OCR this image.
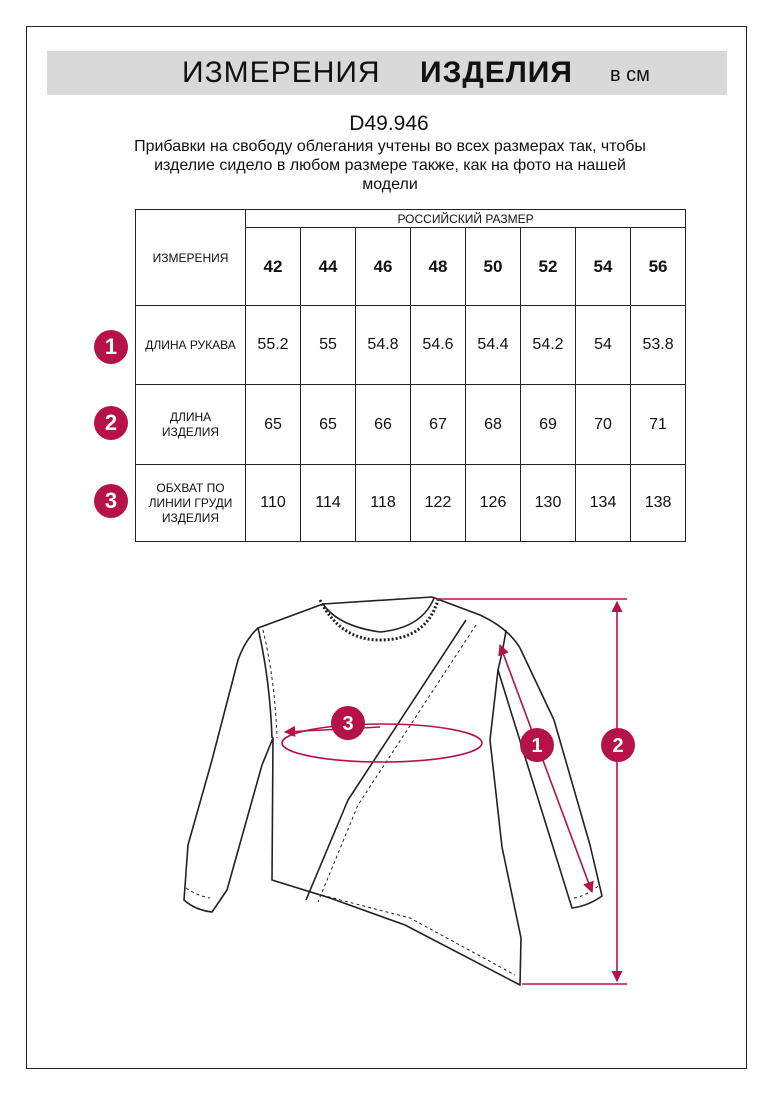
ИЗМЕРЕНИЯ ИЗДЕЛИЯ в см
D49.946
Прибавки на свободу облегания учтены во всех размерах так, чтобы
изделие сидело в любом размере также, как на фото на нашей
модели
ИЗМЕРЕНИЯ	РОССИЙСКИЙ РАЗМЕР							
	42	44	46	48	50	52	54	56
ДЛИНА РУКАВА	55.2	55	54.8	54.6	54.4	54.2	54	53.8

ДЛИНА
ИЗДЕЛИЯ	65	65	66	67	68	69	70	71

ОБХВАТ ПО
ЛИНИИ ГРУДИ
ИЗДЕЛИЯ	110	114	118	122	126	130	134	138
1
2
3
2
1
3
